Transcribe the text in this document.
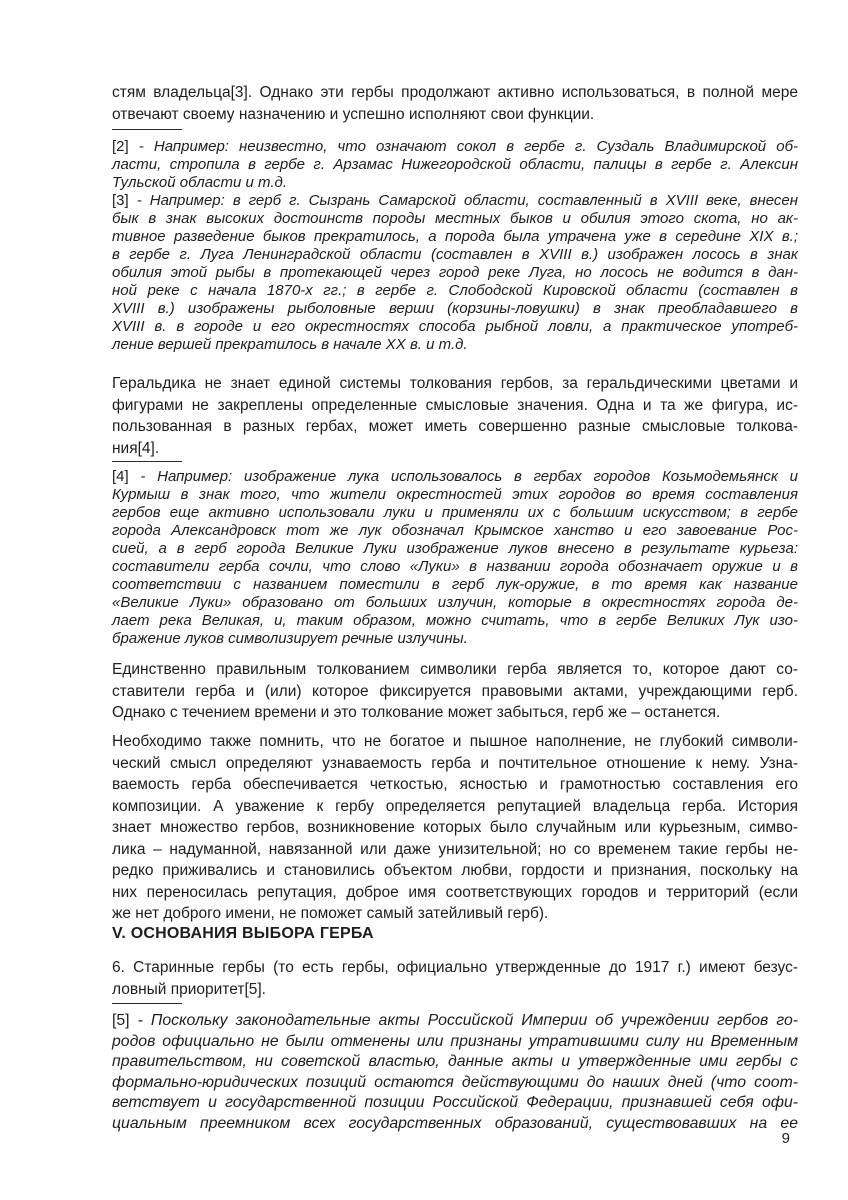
стям владельца[3]. Однако эти гербы продолжают активно использоваться, в полной мере
отвечают своему назначению и успешно исполняют свои функции.
[2] - Например: неизвестно, что означают сокол в гербе г. Суздаль Владимирской об-
ласти, стропила в гербе г. Арзамас Нижегородской области, палицы в гербе г. Алексин
Тульской области и т.д.
[3] - Например: в герб г. Сызрань Самарской области, составленный в XVIII веке, внесен
бык в знак высоких достоинств породы местных быков и обилия этого скота, но ак-
тивное разведение быков прекратилось, а порода была утрачена уже в середине XIX в.;
в гербе г. Луга Ленинградской области (составлен в XVIII в.) изображен лосось в знак
обилия этой рыбы в протекающей через город реке Луга, но лосось не водится в дан-
ной реке с начала 1870-х гг.; в гербе г. Слободской Кировской области (составлен в
XVIII в.) изображены рыболовные верши (корзины-ловушки) в знак преобладавшего в
XVIII в. в городе и его окрестностях способа рыбной ловли, а практическое употреб-
ление вершей прекратилось в начале XX в. и т.д.
Геральдика не знает единой системы толкования гербов, за геральдическими цветами и
фигурами не закреплены определенные смысловые значения. Одна и та же фигура, ис-
пользованная в разных гербах, может иметь совершенно разные смысловые толкова-
ния[4].
[4] - Например: изображение лука использовалось в гербах городов Козьмодемьянск и
Курмыш в знак того, что жители окрестностей этих городов во время составления
гербов еще активно использовали луки и применяли их с большим искусством; в гербе
города Александровск тот же лук обозначал Крымское ханство и его завоевание Рос-
сией, а в герб города Великие Луки изображение луков внесено в результате курьеза:
составители герба сочли, что слово «Луки» в названии города обозначает оружие и в
соответствии с названием поместили в герб лук-оружие, в то время как название
«Великие Луки» образовано от больших излучин, которые в окрестностях города де-
лает река Великая, и, таким образом, можно считать, что в гербе Великих Лук изо-
бражение луков символизирует речные излучины.
Единственно правильным толкованием символики герба является то, которое дают со-
ставители герба и (или) которое фиксируется правовыми актами, учреждающими герб.
Однако с течением времени и это толкование может забыться, герб же – останется.
Необходимо также помнить, что не богатое и пышное наполнение, не глубокий символи-
ческий смысл определяют узнаваемость герба и почтительное отношение к нему. Узна-
ваемость герба обеспечивается четкостью, ясностью и грамотностью составления его
композиции. А уважение к гербу определяется репутацией владельца герба. История
знает множество гербов, возникновение которых было случайным или курьезным, симво-
лика – надуманной, навязанной или даже унизительной; но со временем такие гербы не-
редко приживались и становились объектом любви, гордости и признания, поскольку на
них переносилась репутация, доброе имя соответствующих городов и территорий (если
же нет доброго имени, не поможет самый затейливый герб).
V. ОСНОВАНИЯ ВЫБОРА ГЕРБА
6. Старинные гербы (то есть гербы, официально утвержденные до 1917 г.) имеют безус-
ловный приоритет[5].
[5] - Поскольку законодательные акты Российской Империи об учреждении гербов го-
родов официально не были отменены или признаны утратившими силу ни Временным
правительством, ни советской властью, данные акты и утвержденные ими гербы с
формально-юридических позиций остаются действующими до наших дней (что соот-
ветствует и государственной позиции Российской Федерации, признавшей себя офи-
циальным преемником всех государственных образований, существовавших на ее
9
